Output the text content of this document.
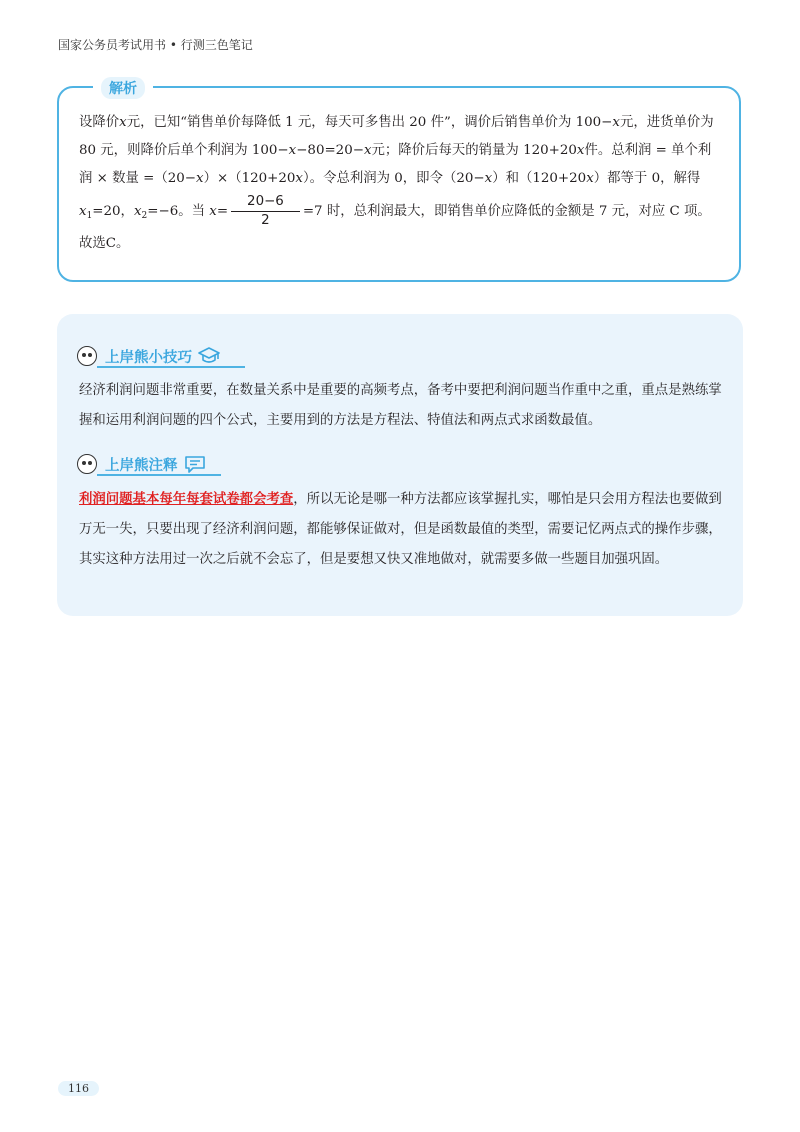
国家公务员考试用书 • 行测三色笔记
解析

设降价x元，已知“销售单价每降低 1 元，每天可多售出 20 件”，调价后销售单价为 100−x元，进货单价为 80 元，则降价后单个利润为 100−x−80=20−x元；降价后每天的销量为 120+20x件。总利润 = 单个利润 × 数量 =（20−x）×（120+20x）。令总利润为 0，即令（20−x）和（120+20x）都等于 0，解得 $x_1=20$，$x_2=-6$。当 $x= \frac{20-6}{2} =7$ 时，总利润最大，即销售单价应降低的金额是 7 元，对应 C 项。

故选C。

上岸熊小技巧

经济利润问题非常重要，在数量关系中是重要的高频考点，备考中要把利润问题当作重中之重，重点是熟练掌握和运用利润问题的四个公式，主要用到的方法是方程法、特值法和两点式求函数最值。

上岸熊注释

利润问题基本每年每套试卷都会考查，所以无论是哪一种方法都应该掌握扎实，哪怕是只会用方程法也要做到万无一失，只要出现了经济利润问题，都能够保证做对，但是函数最值的类型，需要记忆两点式的操作步骤，其实这种方法用过一次之后就不会忘了，但是要想又快又准地做对，就需要多做一些题目加强巩固。

116
